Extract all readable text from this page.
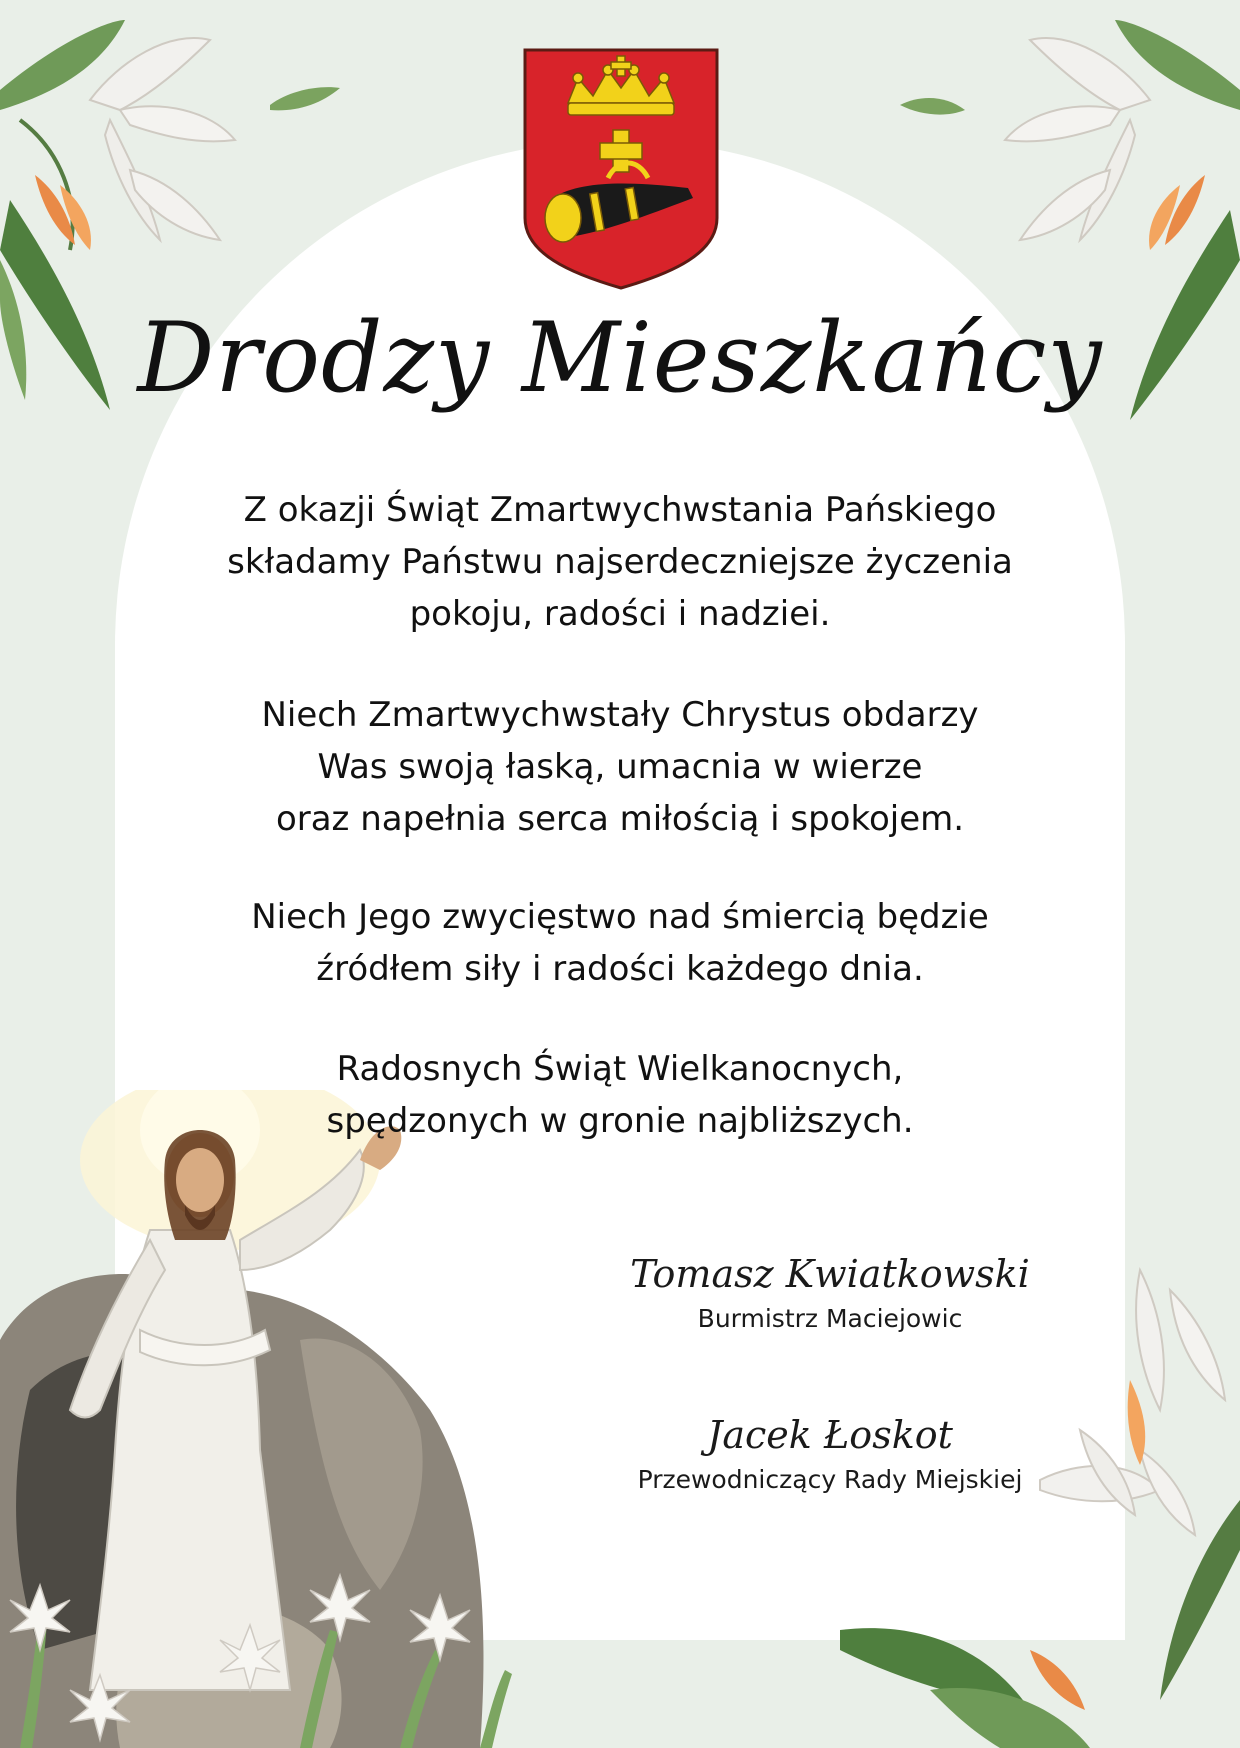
Drodzy Mieszkańcy
Z okazji Świąt Zmartwychwstania Pańskiego
składamy Państwu najserdeczniejsze życzenia
pokoju, radości i nadziei.
Niech Zmartwychwstały Chrystus obdarzy
Was swoją łaską, umacnia w wierze
oraz napełnia serca miłością i spokojem.
Niech Jego zwycięstwo nad śmiercią będzie
źródłem siły i radości każdego dnia.
Radosnych Świąt Wielkanocnych,
spędzonych w gronie najbliższych.
Tomasz Kwiatkowski
Burmistrz Maciejowic
Jacek Łoskot
Przewodniczący Rady Miejskiej
